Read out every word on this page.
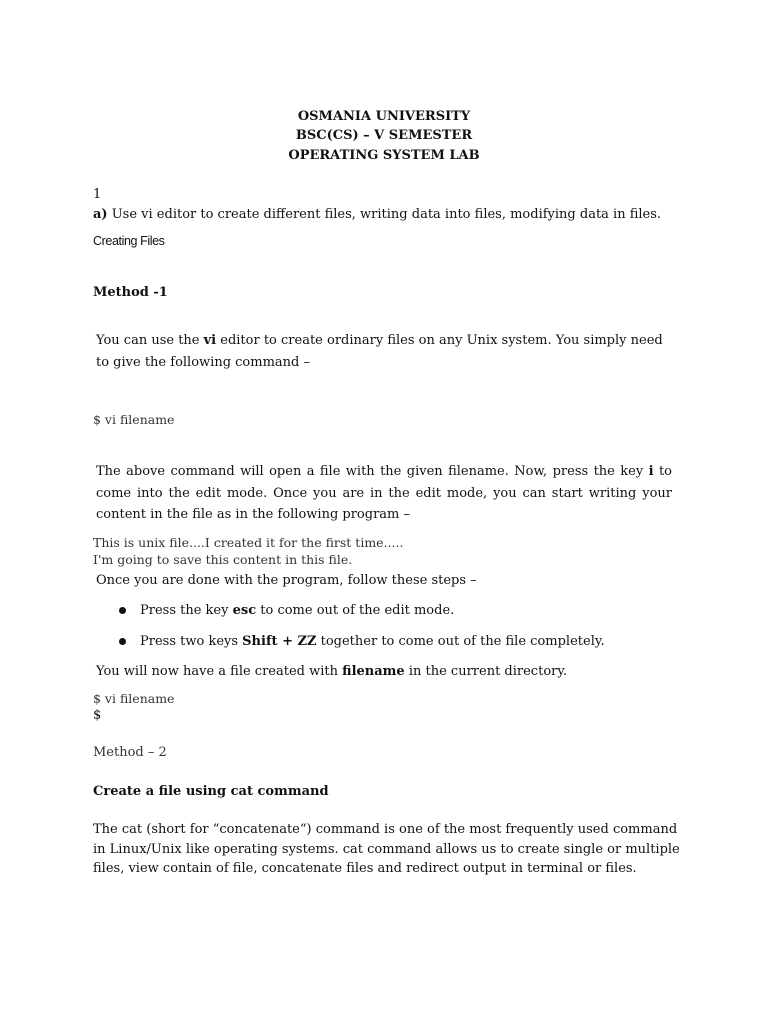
OSMANIA UNIVERSITY
BSC(CS) – V SEMESTER
OPERATING SYSTEM LAB
1
a) Use vi editor to create different files, writing data into files, modifying data in files.
Creating Files
Method -1
You can use the vi editor to create ordinary files on any Unix system. You simply need to give the following command –
$ vi filename
The above command will open a file with the given filename. Now, press the key i to come into the edit mode. Once you are in the edit mode, you can start writing your content in the file as in the following program –
This is unix file....I created it for the first time.....
I'm going to save this content in this file.
Once you are done with the program, follow these steps –
Press the key esc to come out of the edit mode.
Press two keys Shift + ZZ together to come out of the file completely.
You will now have a file created with filename in the current directory.
$ vi filename
$
Method – 2
Create a file using cat command
The cat (short for “concatenate“) command is one of the most frequently used command in Linux/Unix like operating systems. cat command allows us to create single or multiple files, view contain of file, concatenate files and redirect output in terminal or files.
